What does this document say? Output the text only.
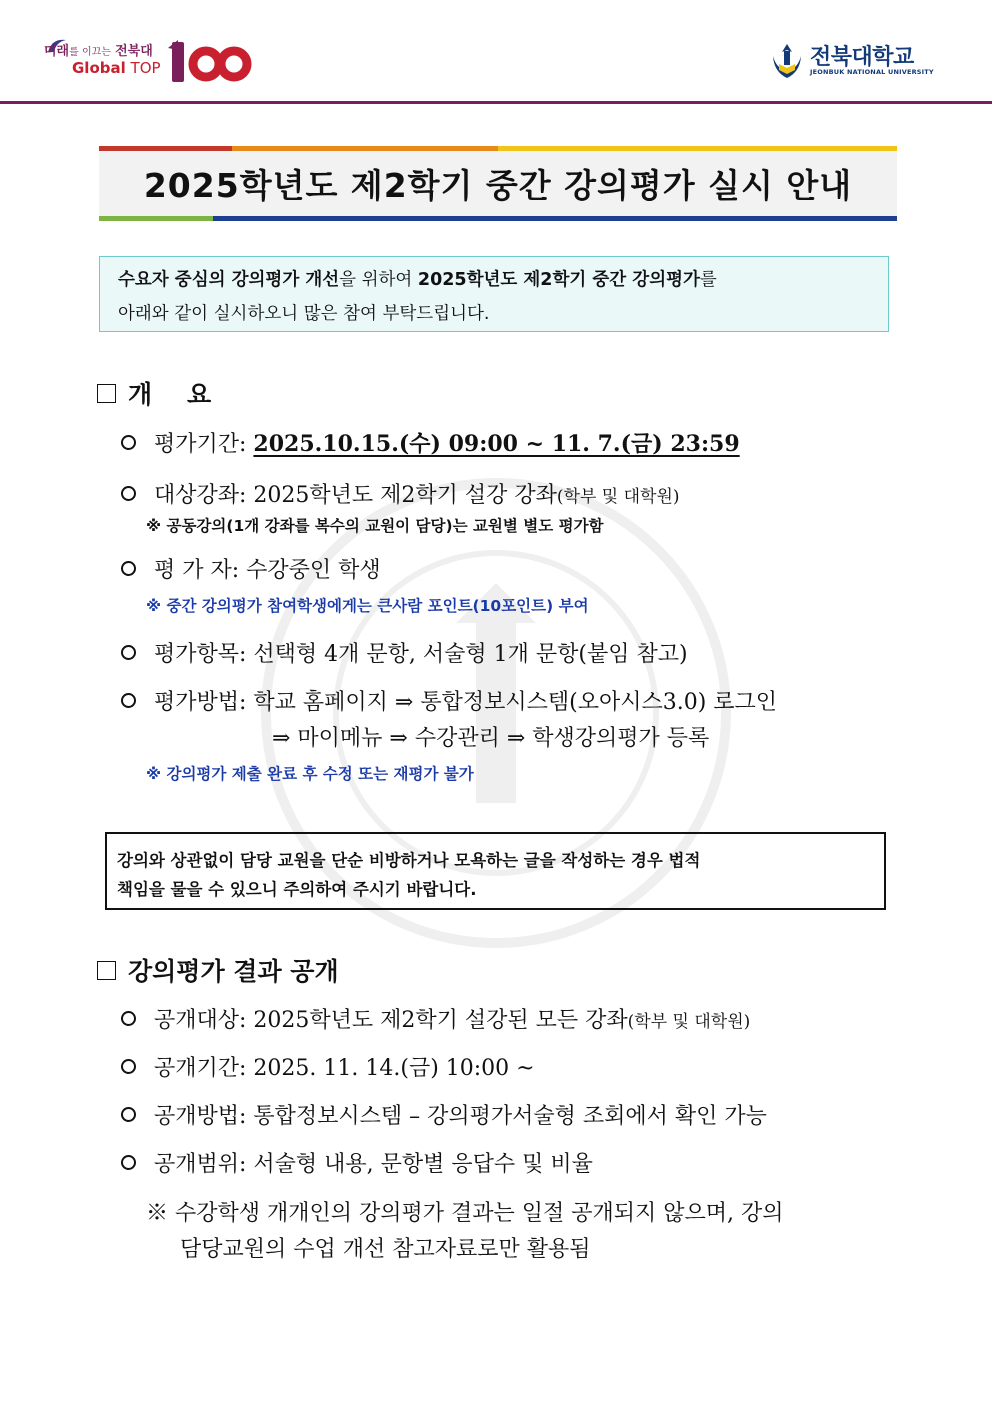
미래를 이끄는 전북대
Global TOP	전북대학교
JEONBUK NATIONAL UNIVERSITY
2025학년도 제2학기 중간 강의평가 실시 안내

수요자 중심의 강의평가 개선을 위하여 2025학년도 제2학기 중간 강의평가를

아래와 같이 실시하오니 많은 참여 부탁드립니다.

개    요
평가기간: 2025.10.15.(수) 09:00 ~ 11. 7.(금) 23:59
대상강좌: 2025학년도 제2학기 설강 강좌(학부 및 대학원)
※ 공동강의(1개 강좌를 복수의 교원이 담당)는 교원별 별도 평가함
평 가 자: 수강중인 학생
※ 중간 강의평가 참여학생에게는 큰사람 포인트(10포인트) 부여
평가항목: 선택형 4개 문항, 서술형 1개 문항(붙임 참고)
평가방법: 학교 홈페이지 ⇒ 통합정보시스템(오아시스3.0) 로그인
⇒ 마이메뉴 ⇒ 수강관리 ⇒ 학생강의평가 등록
※ 강의평가 제출 완료 후 수정 또는 재평가 불가

강의와 상관없이 담당 교원을 단순 비방하거나 모욕하는 글을 작성하는 경우 법적

책임을 물을 수 있으니 주의하여 주시기 바랍니다.

강의평가 결과 공개
공개대상: 2025학년도 제2학기 설강된 모든 강좌(학부 및 대학원)
공개기간: 2025. 11. 14.(금) 10:00 ~
공개방법: 통합정보시스템 – 강의평가서술형 조회에서 확인 가능
공개범위: 서술형 내용, 문항별 응답수 및 비율
※ 수강학생 개개인의 강의평가 결과는 일절 공개되지 않으며, 강의
담당교원의 수업 개선 참고자료로만 활용됨
